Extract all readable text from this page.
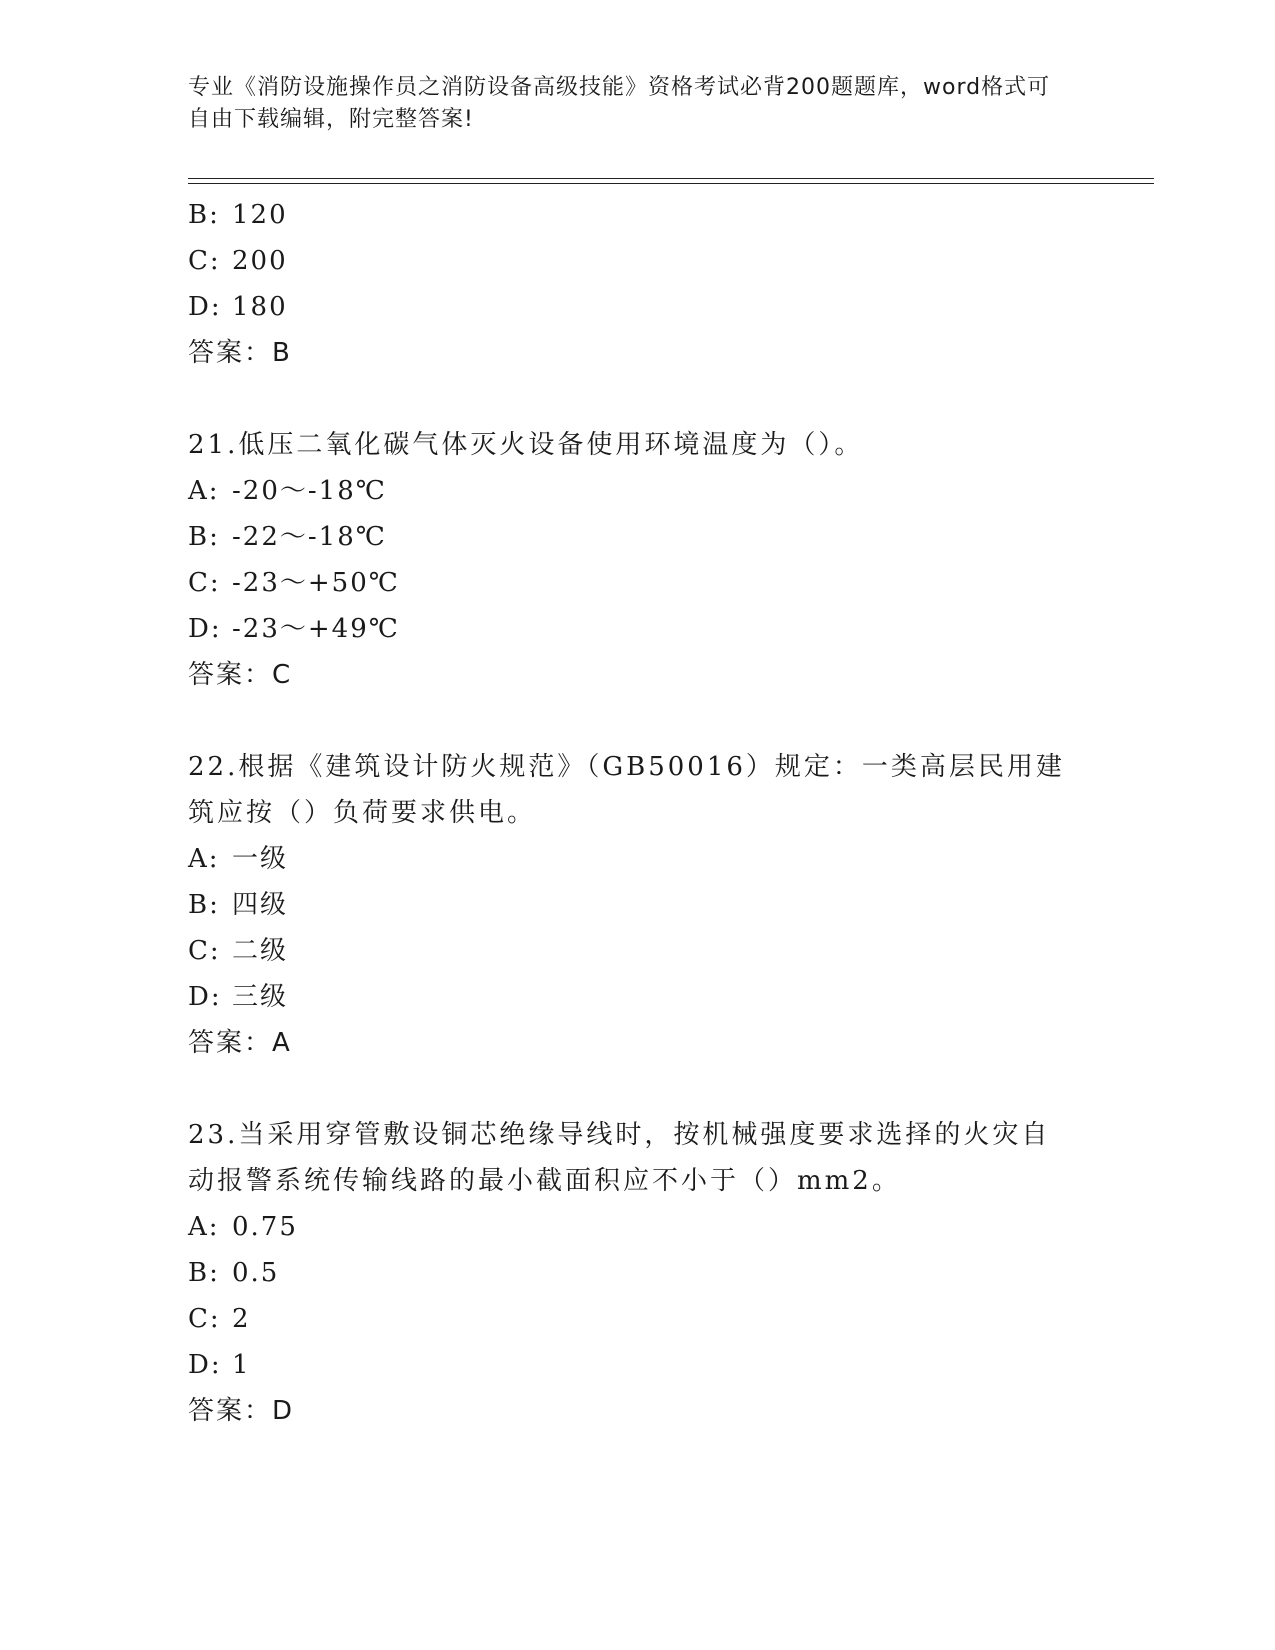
专业《消防设施操作员之消防设备高级技能》资格考试必背200题题库，word格式可自由下载编辑，附完整答案!
B: 120
C: 200
D: 180
答案：B
21.低压二氧化碳气体灭火设备使用环境温度为（）。
A: -20～-18℃
B: -22～-18℃
C: -23～+50℃
D: -23～+49℃
答案：C
22.根据《建筑设计防火规范》（GB50016）规定：一类高层民用建筑应按（）负荷要求供电。
A: 一级
B: 四级
C: 二级
D: 三级
答案：A
23.当采用穿管敷设铜芯绝缘导线时，按机械强度要求选择的火灾自动报警系统传输线路的最小截面积应不小于（）mm2。
A: 0.75
B: 0.5
C: 2
D: 1
答案：D
